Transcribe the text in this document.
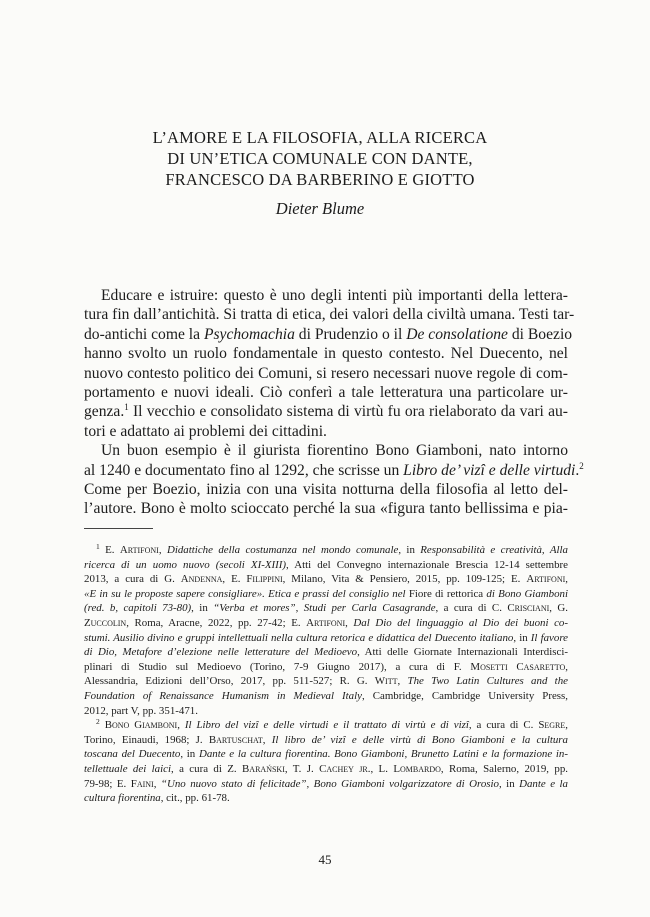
L’AMORE E LA FILOSOFIA, ALLA RICERCA
DI UN’ETICA COMUNALE CON DANTE,
FRANCESCO DA BARBERINO E GIOTTO
Dieter Blume
Educare e istruire: questo è uno degli intenti più importanti della lettera-
tura fin dall’antichità. Si tratta di etica, dei valori della civiltà umana. Testi tar-
do-antichi come la Psychomachia di Prudenzio o il De consolatione di Boezio
hanno svolto un ruolo fondamentale in questo contesto. Nel Duecento, nel
nuovo contesto politico dei Comuni, si resero necessari nuove regole di com-
portamento e nuovi ideali. Ciò conferì a tale letteratura una particolare ur-
genza.$^1$ Il vecchio e consolidato sistema di virtù fu ora rielaborato da vari au-
tori e adattato ai problemi dei cittadini.
Un buon esempio è il giurista fiorentino Bono Giamboni, nato intorno
al 1240 e documentato fino al 1292, che scrisse un Libro de’ vizî e delle virtudi.$^2$
Come per Boezio, inizia con una visita notturna della filosofia al letto del-
l’autore. Bono è molto scioccato perché la sua «figura tanto bellissima e pia-
$^1$ E. Artifoni, Didattiche della costumanza nel mondo comunale, in Responsabilità e creatività, Alla
ricerca di un uomo nuovo (secoli XI-XIII), Atti del Convegno internazionale Brescia 12-14 settembre
2013, a cura di G. Andenna, E. Filippini, Milano, Vita & Pensiero, 2015, pp. 109-125; E. Artifoni,
«E in su le proposte sapere consigliare». Etica e prassi del consiglio nel Fiore di rettorica di Bono Giamboni
(red. b, capitoli 73-80), in “Verba et mores”, Studi per Carla Casagrande, a cura di C. Crisciani, G.
Zuccolin, Roma, Aracne, 2022, pp. 27-42; E. Artifoni, Dal Dio del linguaggio al Dio dei buoni co-
stumi. Ausilio divino e gruppi intellettuali nella cultura retorica e didattica del Duecento italiano, in Il favore
di Dio, Metafore d’elezione nelle letterature del Medioevo, Atti delle Giornate Internazionali Interdisci-
plinari di Studio sul Medioevo (Torino, 7-9 Giugno 2017), a cura di F. Mosetti Casaretto,
Alessandria, Edizioni dell’Orso, 2017, pp. 511-527; R. G. Witt, The Two Latin Cultures and the
Foundation of Renaissance Humanism in Medieval Italy, Cambridge, Cambridge University Press,
2012, part V, pp. 351-471.
$^2$ Bono Giamboni, Il Libro del vizî e delle virtudi e il trattato di virtù e di vizî, a cura di C. Segre,
Torino, Einaudi, 1968; J. Bartuschat, Il libro de’ vizî e delle virtù di Bono Giamboni e la cultura
toscana del Duecento, in Dante e la cultura fiorentina. Bono Giamboni, Brunetto Latini e la formazione in-
tellettuale dei laici, a cura di Z. Barański, T. J. Cachey jr., L. Lombardo, Roma, Salerno, 2019, pp.
79-98; E. Faini, “Uno nuovo stato di felicitade”, Bono Giamboni volgarizzatore di Orosio, in Dante e la
cultura fiorentina, cit., pp. 61-78.
45
